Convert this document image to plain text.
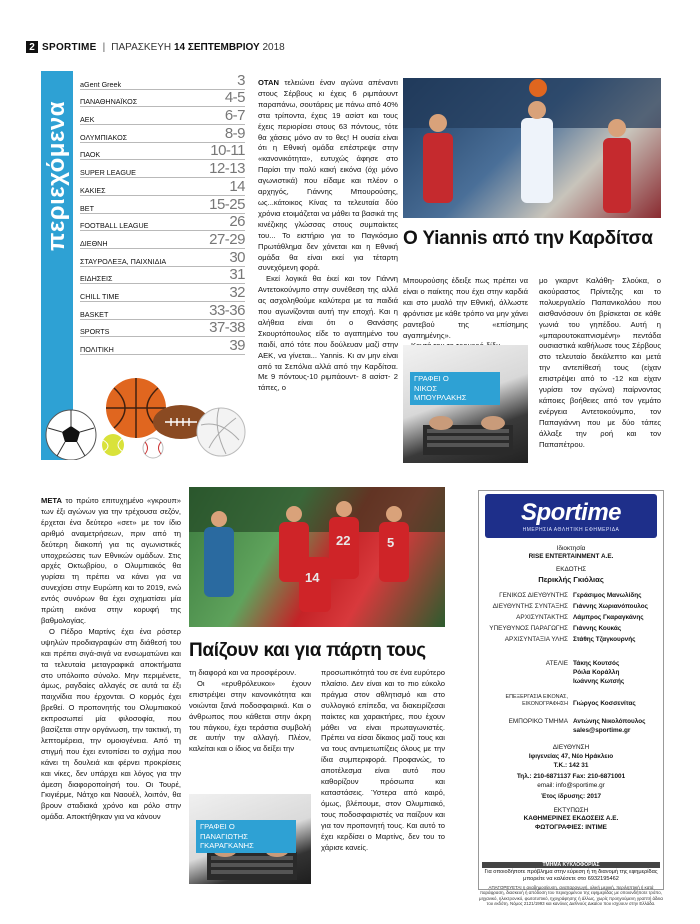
2 SPORTIME | ΠΑΡΑΣΚΕΥΗ 14 ΣΕΠΤΕΜΒΡΙΟΥ 2018
περιεχόμενα
aGent Greek	3
ΠΑΝΑΘΗΝΑΪΚΟΣ	4-5
ΑΕΚ	6-7
ΟΛΥΜΠΙΑΚΟΣ	8-9
ΠΑΟΚ	10-11
SUPER LEAGUE	12-13
ΚΑΚΙΕΣ	14
BET	15-25
FOOTBALL LEAGUE	26
ΔΙΕΘΝΗ	27-29
ΣΤΑΥΡΟΛΕΞΑ, ΠΑΙΧΝΙΔΙΑ	30
ΕΙΔΗΣΕΙΣ	31
CHILL TIME	32
BASKET	33-36
SPORTS	37-38
ΠΟΛΙΤΙΚΗ	39

ΟΤΑΝ τελειώνει έναν αγώνα απέναντι στους Σέρβους κι έχεις 6 ριμπάουντ παραπάνω, σουτάρεις με πάνω από 40% στα τρίποντα, έχεις 19 ασίστ και τους έχεις περιορίσει στους 63 πόντους, τότε θα χάσεις μόνο αν το θες! Η ουσία είναι ότι η Εθνική ομάδα επέστρεψε στην «κανονικότητα», ευτυχώς άφησε στο Παρίσι την πολύ κακή εικόνα (όχι μόνο αγωνιστικά) που είδαμε και πλέον ο αρχηγός, Γιάννης Μπουρούσης, ως...κάτοικος Κίνας τα τελευταία δύο χρόνια ετοιμάζεται να μάθει τα βασικά της κινέζικης γλώσσας στους συμπαίκτες του... Το ειστήριο για το Παγκόσμιο Πρωτάθλημα δεν χάνεται και η Εθνική ομάδα θα είναι εκεί για τέταρτη συνεχόμενη φορά.

Εκεί λογικά θα έκεί και τον Γιάννη Αντετοκούνμπο στην συνέθεση της αλλά ας ασχοληθούμε καλύτερα με τα παιδιά που αγωνίζονται αυτή την εποχή. Και η αλήθεια είναι ότι ο Θανάσης Σκουρτόπουλος είδε το αγαπημένο του παιδί, από τότε που δούλευαν μαζί στην ΑΕΚ, να γίνεται... Yannis. Κι αν μην είναι από τα Σεπόλια αλλά από την Καρδίτσα. Με 9 πόντους-10 ριμπάουντ- 8 ασίστ- 2 τάπες, ο

Ο Yiannis από την Καρδίτσα

Μπουρούσης έδειξε πως πρέπει να είναι ο παίκτης που έχει στην καρδιά και στο μυαλό την Εθνική, άλλωστε φρόντισε με κάθε τρόπο να μην χάνει ραντεβού της «επίσημης αγαπημένης».

ΓΡΑΦΕΙ Ο
ΝΙΚΟΣ
ΜΠΟΥΡΛΑΚΗΣ
μο γκαρντ Καλάθη- Σλούκα, ο ακούραστος Πρίντεζης και το πολυεργαλείο Παπανικολάου που αισθανόσουν ότι βρίσκεται σε κάθε γωνιά του γηπέδου. Αυτή η «μπαρουτοκαπνισμένη» πεντάδα ουσιαστικά καθήλωσε τους Σέρβους στο τελευταίο δεκάλεπτο και μετά την αντεπίθεσή τους (είχαν επιστρέψει από το -12 και είχαν γυρίσει τον αγώνα) παίρνοντας κάποιες βοήθειες από τον γεμάτο ενέργεια Αντετοκούνμπο, τον Παπαγιάννη που με δύο τάπες άλλαξε την ροή και τον Παπαπέτρου.

ΜΕΤΑ το πρώτο επιτυχημένο «γκρουπ» των έξι αγώνων για την τρέχουσα σεζόν, έρχεται ένα δεύτερο «σετ» με τον ίδιο αριθμό αναμετρήσεων, πριν από τη δεύτερη διακοπή για τις αγωνιστικές υποχρεώσεις των Εθνικών ομάδων. Στις αρχές Οκτωβρίου, ο Ολυμπιακός θα γυρίσει τη πρέπει να κάνει για να συνεχίσει στην Ευρώπη και το 2019, ενώ εντός συνόρων θα έχει σχηματίσει μία πρώτη εικόνα στην κορυφή της βαθμολογίας.

Ο Πέδρο Μαρτίνς έχει ένα ρόστερ υψηλών προδιαγραφών στη διάθεσή του και πρέπει σιγά-σιγά να ενσωματώνει και τα τελευταία μεταγραφικά αποκτήματα στο υπόλοιπο σύνολο. Μην περιμένετε, άμως, ραγδαίες αλλαγές σε αυτά τα έξι παιχνίδια που έρχονται. Ο κορμός έχει βρεθεί. Ο προπονητής του Ολυμπιακού εκπροσωπεί μία φιλοσοφία, που βασίζεται στην οργάνωση, την τακτική, τη λεπτομέρεια, την ομοιογένεια. Από τη στιγμή που έχει εντοπίσει το σχήμα που κάνει τη δουλειά και φέρνει προκρίσεις και νίκες, δεν υπάρχει και λόγος για την άμεση διαφοροποίησή του. Οι Τουρέ, Γκιγιέρμε, Νάτχο και Ναουέλ, λοιπόν, θα βρουν σταδιακά χρόνο και ρόλο στην ομάδα. Αποκτήθηκαν για να κάνουν

22	5
14
Παίζουν και για πάρτη τους

τη διαφορά και να προσφέρουν.

Οι «ερυθρόλευκοι» έχουν επιστρέψει στην κανονικότητα και νοιώνται ξανά ποδοσφαιρικά. Και ο άνθρωπος που κάθεται στην άκρη του πάγκου, έχει τεράστια συμβολή σε αυτήν την αλλαγή. Πλέον, καλείται και ο ίδιος να δείξει την

ΓΡΑΦΕΙ Ο
ΠΑΝΑΓΙΩΤΗΣ
ΓΚΑΡΑΓΚΑΝΗΣ
προσωπικότητά του σε ένα ευρύτερο πλαίσιο. Δεν είναι και το πιο εύκολο πράγμα στον αθλητισμό και στο συλλογικό επίπεδα, να διακειρίζεσαι παίκτες και χαρακτήρες, που έχουν μάθει να είναι πρωταγωνιστές. Πρέπει να είσαι δίκαιος μαζί τους και να τους αντιμετωπίζεις όλους με την ίδια συμπεριφορά. Προφανώς, το αποτέλεσμα είναι αυτό που καθορίζουν πρόσωπα και καταστάσεις. Ύστερα από καιρό, όμως, βλέπουμε, στον Ολυμπιακό, τους ποδοσφαιριστές να παίζουν και για τον προπονητή τους. Και αυτό το έχει κερδίσει ο Μαρτίνς, δεν του το χάρισε κανείς.
Sportime
ΗΜΕΡΗΣΙΑ ΑΘΛΗΤΙΚΗ ΕΦΗΜΕΡΙΔΑ
Ιδιοκτησία
RISE ENTERTAINMENT A.E.
ΕΚΔΟΤΗΣ
Περικλής Γκιόλιας
ΓΕΝΙΚΟΣ ΔΙΕΥΘΥΝΤΗΣ Γεράσιμος Μανωλίδης
ΔΙΕΥΘΥΝΤΗΣ ΣΥΝΤΑΞΗΣ Γιάννης Χωριανόπουλος
ΑΡΧΙΣΥΝΤΑΚΤΗΣ Λάμπρος Γκαραγκάνης
ΥΠΕΥΘΥΝΟΣ ΠΑΡΑΓΩΓΗΣ Γιάννης Κουκάς
ΑΡΧΙΣΥΝΤΑΞΙΑ ΥΛΗΣ Στάθης Τζαγκουρνής
ΑΤΕΛΙΕ Τάκης Κουτσός
Ρόιλα Κοράλλη
Ιωάννης Κωτσής
ΕΠΕΞΕΡΓΑΣΙΑ ΕΙΚΟΝΑΣ, ΕΙΚΟΝΟΓΡΑΦΗΣΗ Γιώργος Κοσσενίτας
ΕΜΠΟΡΙΚΟ ΤΜΗΜΑ Αντώνης Νικολόπουλος
sales@sportime.gr
ΔΙΕΥΘΥΝΣΗ
Ιφιγενείας 47, Νέο Ηράκλειο
Τ.Κ.: 142 31
Τηλ.: 210-6871137 Fax: 210-6871001
email: info@sportime.gr
Έτος ίδρυσης: 2017
ΕΚΤΥΠΩΣΗ
ΚΑΘΗΜΕΡΙΝΕΣ ΕΚΔΟΣΕΙΣ Α.Ε.
ΦΩΤΟΓΡΑΦΙΕΣ: INTIME
ΤΜΗΜΑ ΚΥΚΛΟΦΟΡΙΑΣ
Για οποιοδήποτε πρόβλημα στην εύρεση ή τη διανομή της εφημερίδας μπορείτε να καλέσετε στο 6932195462
ΑΠΑΓΟΡΕΥΕΤΑΙ η αναδημοσίευση, αναπαραγωγή, ολική μερική, περιληπτική ή κατά παράφραση, διασκευή ή απόδοση του περιεχομένου της εφημερίδας με οποιονδήποτε τρόπο, μηχανικό, ηλεκτρονικό, φωτοτυπικό, ηχογράφησης ή άλλως, χωρίς προηγούμενη γραπτή άδεια του εκδότη. Νόμος 2121/1993 και κανόνες Διεθνούς Δικαίου που ισχύουν στην Ελλάδα.
